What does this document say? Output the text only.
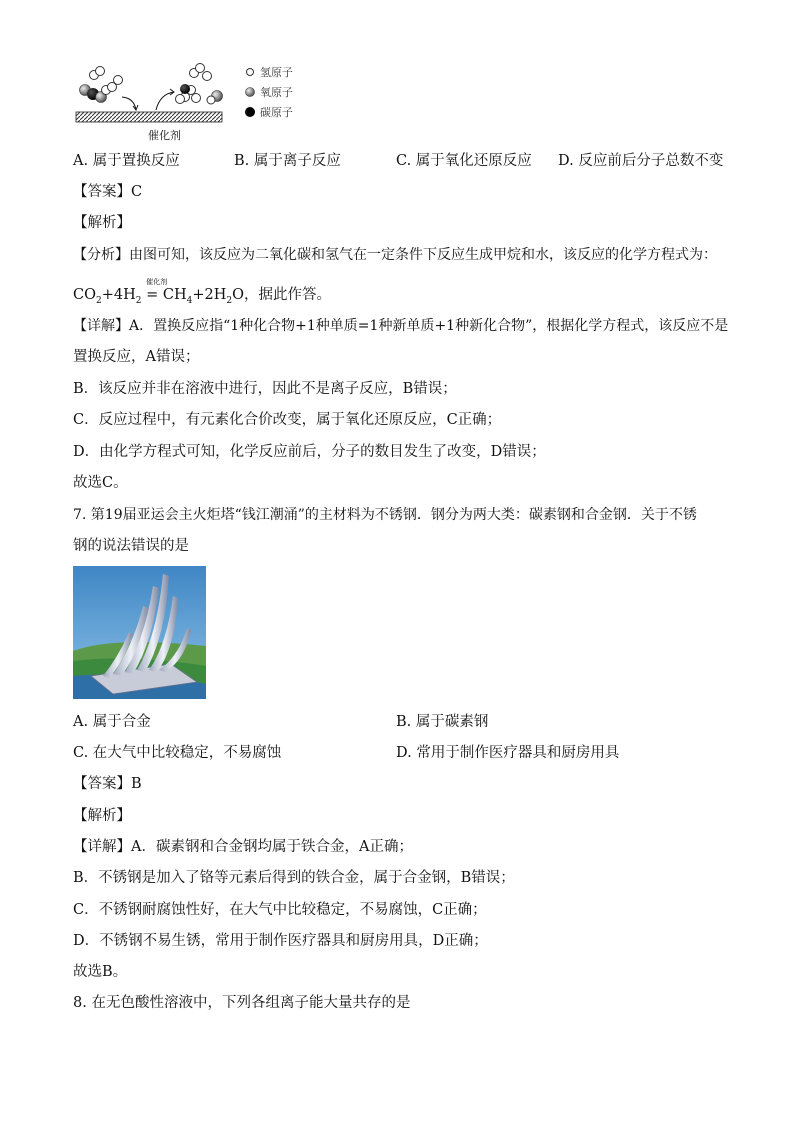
催化剂
氢原子
氧原子
碳原子
A. 属于置换反应	B. 属于离子反应	C. 属于氧化还原反应 D. 反应前后分子总数不变
【答案】C
【解析】
【分析】由图可知，该反应为二氧化碳和氢气在一定条件下反应生成甲烷和水，该反应的化学方程式为：
$CO_2+4H_2$
催化剂
= $CH_4+2H_2O$，据此作答。
【详解】A．置换反应指“1种化合物+1种单质=1种新单质+1种新化合物”，根据化学方程式，该反应不是
置换反应，A错误；
B．该反应并非在溶液中进行，因此不是离子反应，B错误；
C．反应过程中，有元素化合价改变，属于氧化还原反应，C正确；
D．由化学方程式可知，化学反应前后，分子的数目发生了改变，D错误；
故选C。
7. 第19届亚运会主火炬塔“钱江潮涌”的主材料为不锈钢．钢分为两大类：碳素钢和合金钢．关于不锈
钢的说法错误的是
A. 属于合金	B. 属于碳素钢
C. 在大气中比较稳定，不易腐蚀	D. 常用于制作医疗器具和厨房用具
【答案】B
【解析】
【详解】A．碳素钢和合金钢均属于铁合金，A正确；
B．不锈钢是加入了铬等元素后得到的铁合金，属于合金钢，B错误；
C．不锈钢耐腐蚀性好，在大气中比较稳定，不易腐蚀，C正确；
D．不锈钢不易生锈，常用于制作医疗器具和厨房用具，D正确；
故选B。
8. 在无色酸性溶液中，下列各组离子能大量共存的是
